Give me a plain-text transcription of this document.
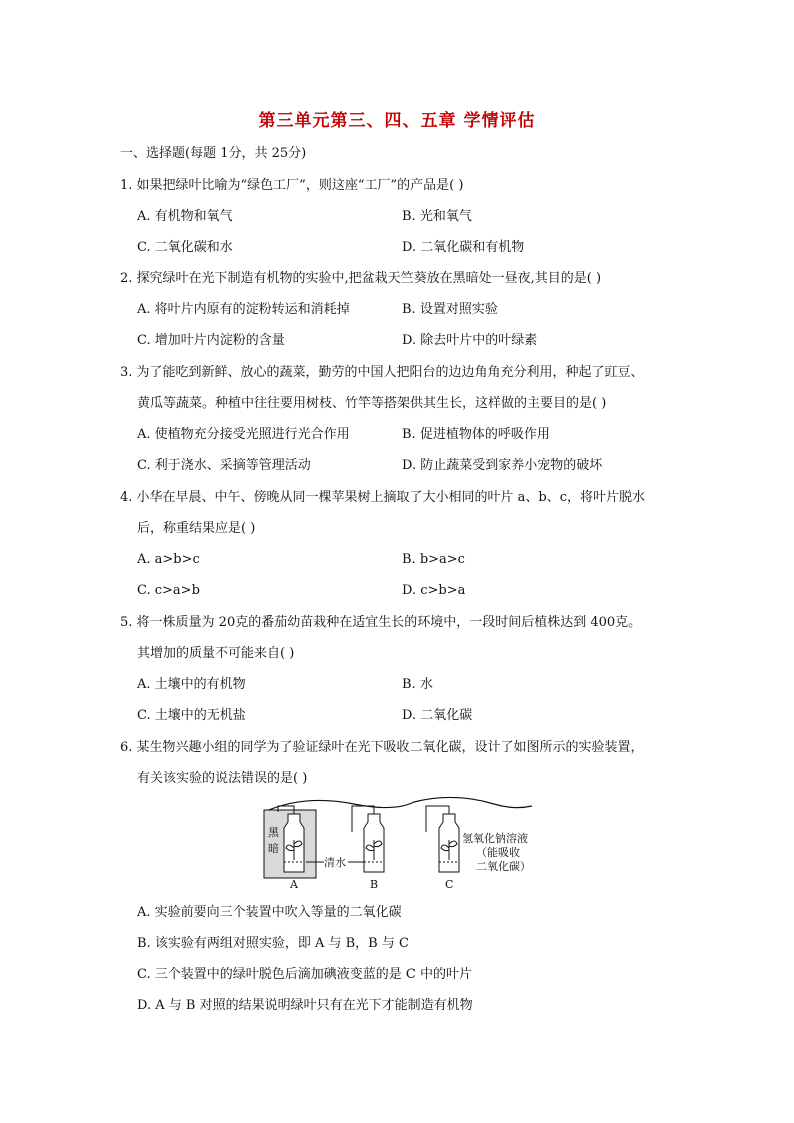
第三单元第三、四、五章 学情评估
一、选择题(每题 1分，共 25分)
1. 如果把绿叶比喻为“绿色工厂”，则这座“工厂”的产品是( )
A. 有机物和氧气	B. 光和氧气
C. 二氧化碳和水	D. 二氧化碳和有机物
2. 探究绿叶在光下制造有机物的实验中,把盆栽天竺葵放在黑暗处一昼夜,其目的是( )
A. 将叶片内原有的淀粉转运和消耗掉	B. 设置对照实验
C. 增加叶片内淀粉的含量	D. 除去叶片中的叶绿素
3. 为了能吃到新鲜、放心的蔬菜，勤劳的中国人把阳台的边边角角充分利用，种起了豇豆、
黄瓜等蔬菜。种植中往往要用树枝、竹竿等搭架供其生长，这样做的主要目的是( )
A. 使植物充分接受光照进行光合作用	B. 促进植物体的呼吸作用
C. 利于浇水、采摘等管理活动	D. 防止蔬菜受到家养小宠物的破坏
4. 小华在早晨、中午、傍晚从同一棵苹果树上摘取了大小相同的叶片 a、b、c，将叶片脱水
后，称重结果应是( )
A. a>b>c	B. b>a>c
C. c>a>b	D. c>b>a
5. 将一株质量为 20克的番茄幼苗栽种在适宜生长的环境中，一段时间后植株达到 400克。
其增加的质量不可能来自( )
A. 土壤中的有机物	B. 水
C. 土壤中的无机盐	D. 二氧化碳
6. 某生物兴趣小组的同学为了验证绿叶在光下吸收二氧化碳，设计了如图所示的实验装置，
有关该实验的说法错误的是( )
黑
暗
清水
氢氧化钠溶液
（能吸收
二氧化碳）
A	B	C
A. 实验前要向三个装置中吹入等量的二氧化碳
B. 该实验有两组对照实验，即 A 与 B，B 与 C
C. 三个装置中的绿叶脱色后滴加碘液变蓝的是 C 中的叶片
D. A 与 B 对照的结果说明绿叶只有在光下才能制造有机物
